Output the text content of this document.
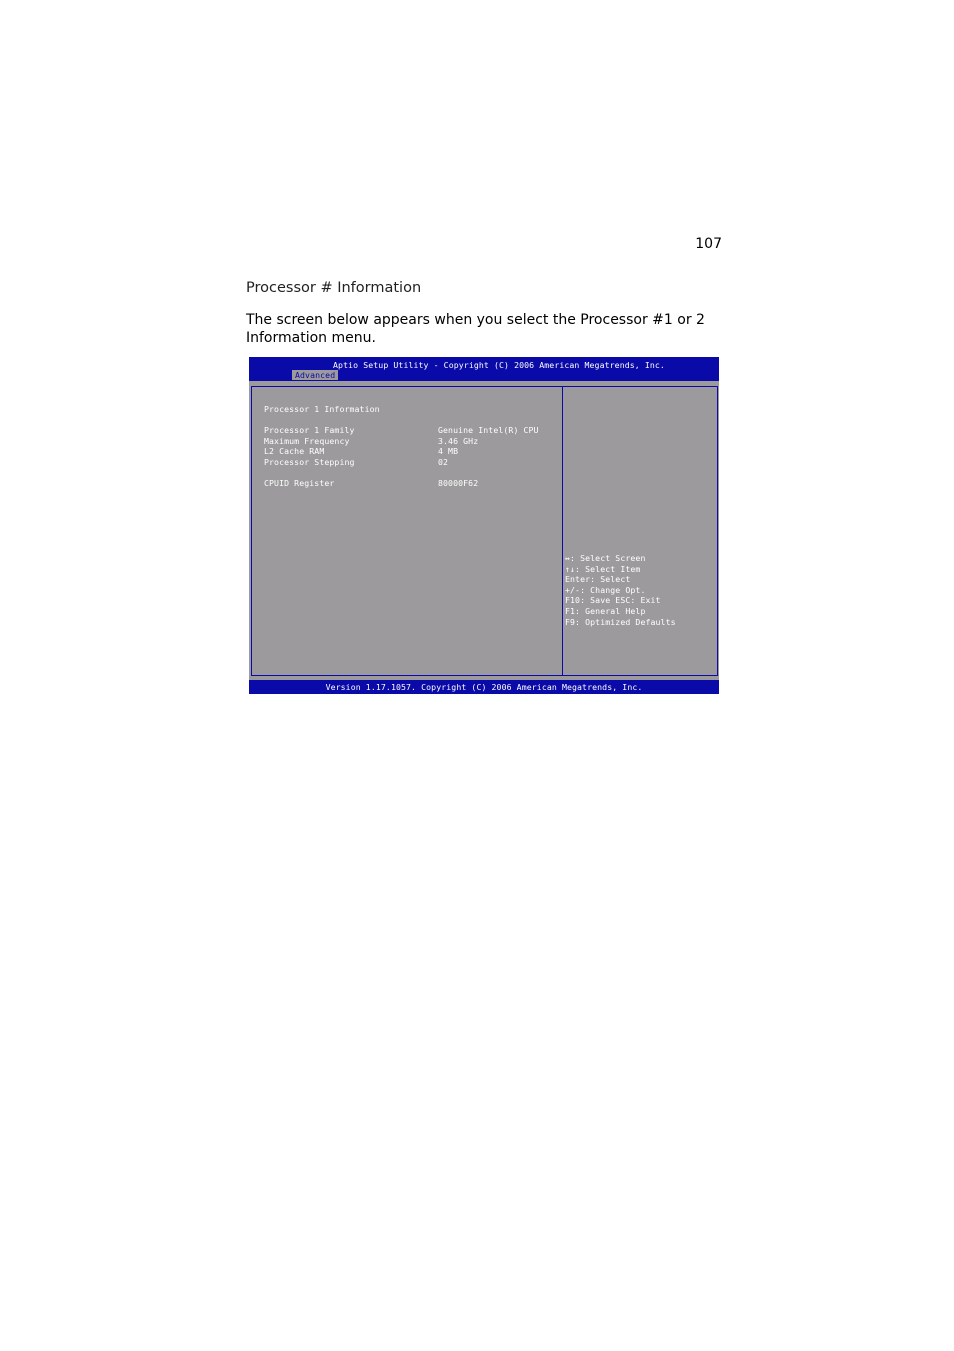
107
Processor # Information
The screen below appears when you select the Processor #1 or 2 Information menu.
Aptio Setup Utility - Copyright (C) 2006 American Megatrends, Inc.
Advanced
Processor 1 Information
Processor 1 Family	Genuine Intel(R) CPU
Maximum Frequency	3.46 GHz
L2 Cache RAM	4 MB
Processor Stepping	02
CPUID Register	80000F62
↔: Select Screen
↑↓: Select Item
Enter: Select
+/-: Change Opt.
F10: Save ESC: Exit
F1: General Help
F9: Optimized Defaults
Version 1.17.1057. Copyright (C) 2006 American Megatrends, Inc.
